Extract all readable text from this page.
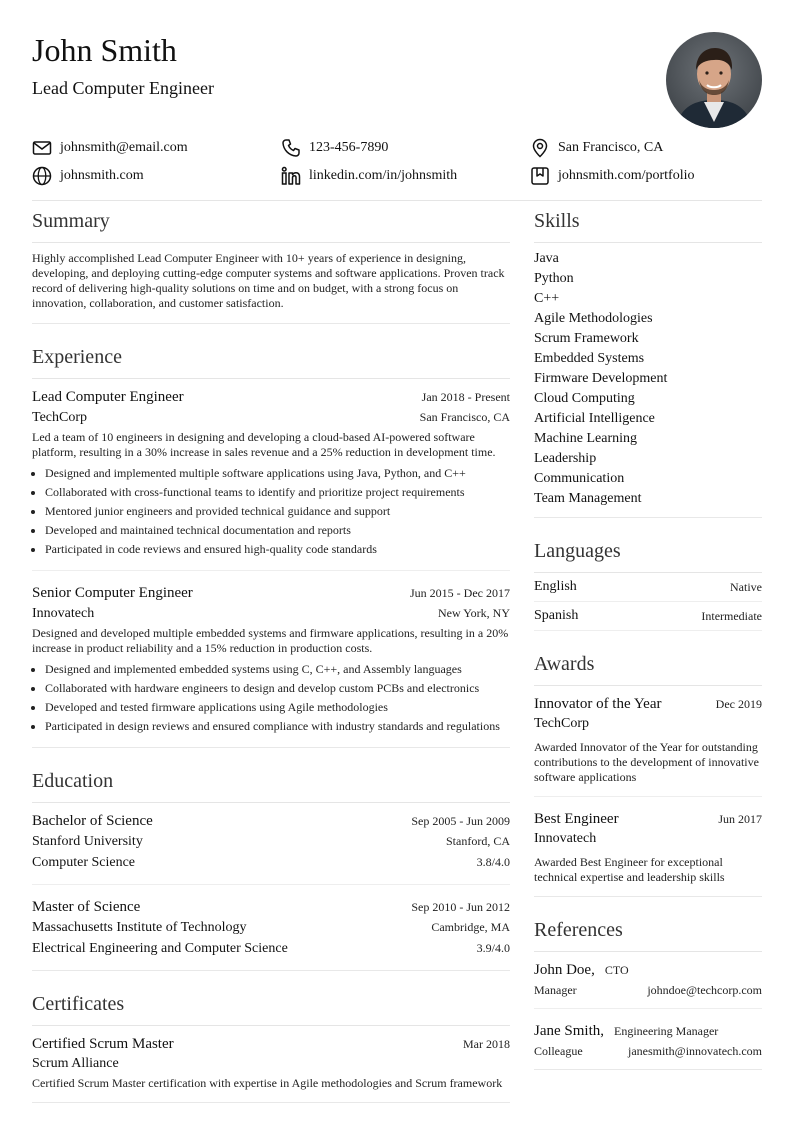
John Smith
Lead Computer Engineer
johnsmith@email.com	123-456-7890	San Francisco, CA
johnsmith.com	linkedin.com/in/johnsmith	johnsmith.com/portfolio
Summary
Highly accomplished Lead Computer Engineer with 10+ years of experience in designing, developing, and deploying cutting-edge computer systems and software applications. Proven track record of delivering high-quality solutions on time and on budget, with a strong focus on innovation, collaboration, and customer satisfaction.
Experience
Lead Computer Engineer	Jan 2018 - Present
TechCorp	San Francisco, CA
Led a team of 10 engineers in designing and developing a cloud-based AI-powered software platform, resulting in a 30% increase in sales revenue and a 25% reduction in development time.
• Designed and implemented multiple software applications using Java, Python, and C++
• Collaborated with cross-functional teams to identify and prioritize project requirements
• Mentored junior engineers and provided technical guidance and support
• Developed and maintained technical documentation and reports
• Participated in code reviews and ensured high-quality code standards
Senior Computer Engineer	Jun 2015 - Dec 2017
Innovatech	New York, NY
Designed and developed multiple embedded systems and firmware applications, resulting in a 20% increase in product reliability and a 15% reduction in production costs.
• Designed and implemented embedded systems using C, C++, and Assembly languages
• Collaborated with hardware engineers to design and develop custom PCBs and electronics
• Developed and tested firmware applications using Agile methodologies
• Participated in design reviews and ensured compliance with industry standards and regulations
Education
Bachelor of Science	Sep 2005 - Jun 2009
Stanford University	Stanford, CA
Computer Science	3.8/4.0
Master of Science	Sep 2010 - Jun 2012
Massachusetts Institute of Technology	Cambridge, MA
Electrical Engineering and Computer Science	3.9/4.0
Certificates
Certified Scrum Master	Mar 2018
Scrum Alliance
Certified Scrum Master certification with expertise in Agile methodologies and Scrum framework
Skills
Java
Python
C++
Agile Methodologies
Scrum Framework
Embedded Systems
Firmware Development
Cloud Computing
Artificial Intelligence
Machine Learning
Leadership
Communication
Team Management
Languages
English	Native
Spanish	Intermediate
Awards
Innovator of the Year	Dec 2019
TechCorp
Awarded Innovator of the Year for outstanding contributions to the development of innovative software applications
Best Engineer	Jun 2017
Innovatech
Awarded Best Engineer for exceptional technical expertise and leadership skills
References
John Doe, CTO
Manager	johndoe@techcorp.com
Jane Smith, Engineering Manager
Colleague	janesmith@innovatech.com
